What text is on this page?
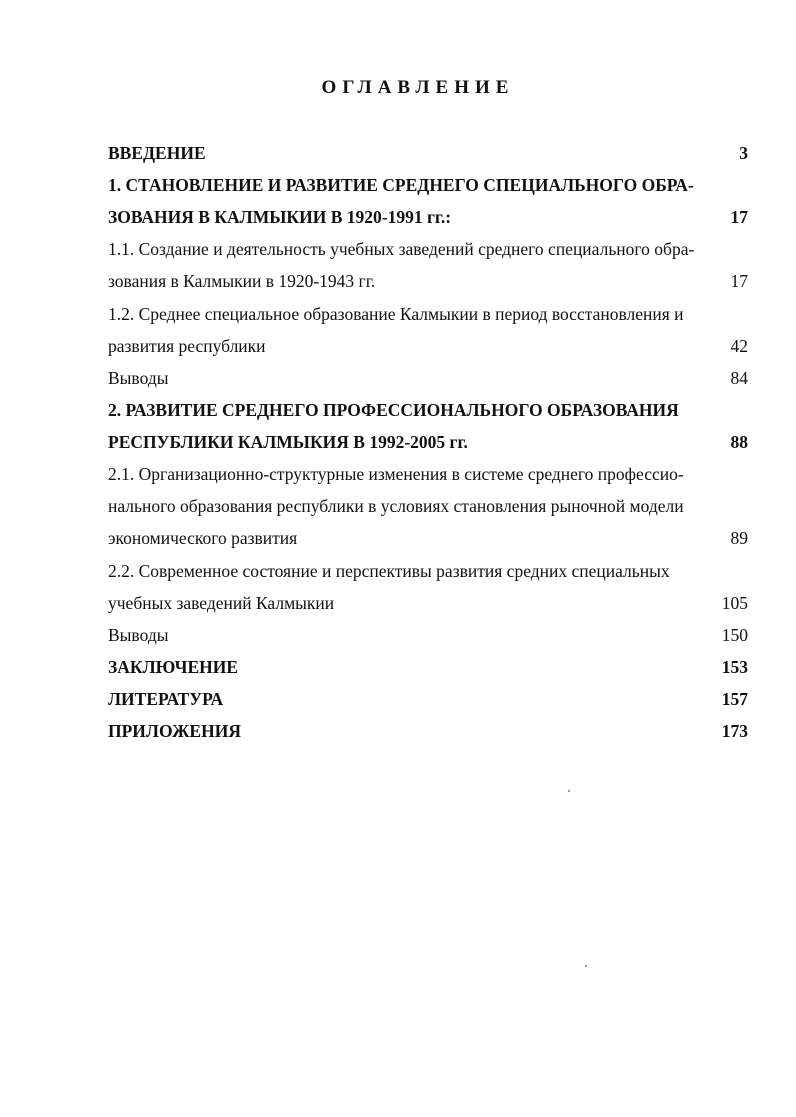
ОГЛАВЛЕНИЕ
ВВЕДЕНИЕ	3
1. СТАНОВЛЕНИЕ И РАЗВИТИЕ СРЕДНЕГО СПЕЦИАЛЬНОГО ОБРА-
ЗОВАНИЯ В КАЛМЫКИИ В 1920-1991 гг.:	17
1.1. Создание и деятельность учебных заведений среднего специального обра-
зования в Калмыкии в 1920-1943 гг.	17
1.2. Среднее специальное образование Калмыкии в период восстановления и
развития республики	42
Выводы	84
2. РАЗВИТИЕ СРЕДНЕГО ПРОФЕССИОНАЛЬНОГО ОБРАЗОВАНИЯ
РЕСПУБЛИКИ КАЛМЫКИЯ В 1992-2005 гг.	88
2.1. Организационно-структурные изменения в системе среднего профессио-
нального образования республики в условиях становления рыночной модели
экономического развития	89
2.2. Современное состояние и перспективы развития средних специальных
учебных заведений Калмыкии	105
Выводы	150
ЗАКЛЮЧЕНИЕ	153
ЛИТЕРАТУРА	157
ПРИЛОЖЕНИЯ	173
